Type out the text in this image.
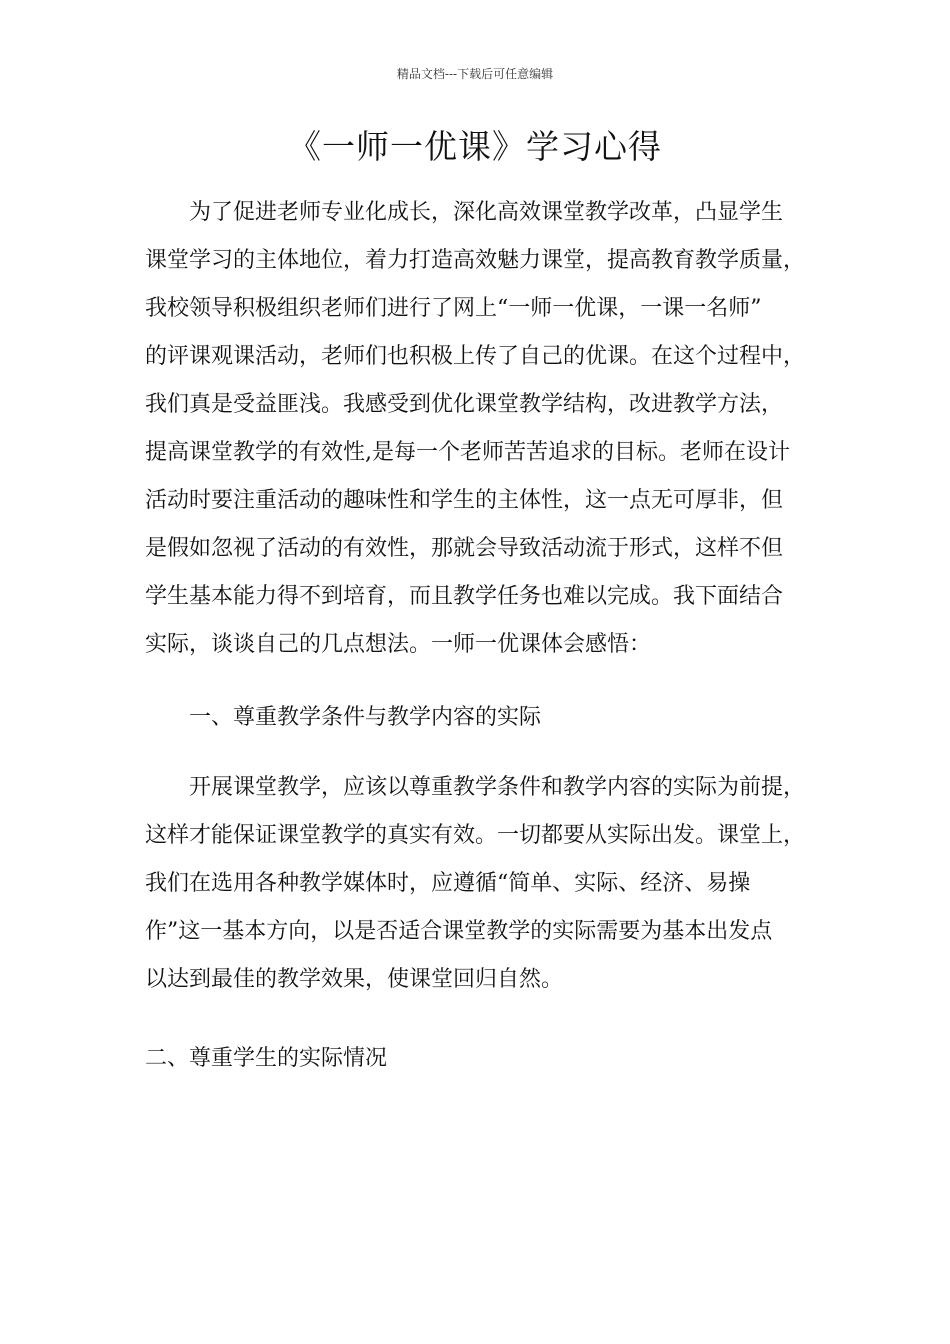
精品文档---下载后可任意编辑
《一师一优课》学习心得

为了促进老师专业化成长，深化高效课堂教学改革，凸显学生

课堂学习的主体地位，着力打造高效魅力课堂，提高教育教学质量，

我校领导积极组织老师们进行了网上“一师一优课，一课一名师”

的评课观课活动，老师们也积极上传了自己的优课。在这个过程中，

我们真是受益匪浅。我感受到优化课堂教学结构，改进教学方法，

提高课堂教学的有效性,是每一个老师苦苦追求的目标。老师在设计

活动时要注重活动的趣味性和学生的主体性，这一点无可厚非，但

是假如忽视了活动的有效性，那就会导致活动流于形式，这样不但

学生基本能力得不到培育，而且教学任务也难以完成。我下面结合

实际，谈谈自己的几点想法。一师一优课体会感悟：

一、尊重教学条件与教学内容的实际

开展课堂教学，应该以尊重教学条件和教学内容的实际为前提，

这样才能保证课堂教学的真实有效。一切都要从实际出发。课堂上，

我们在选用各种教学媒体时，应遵循“简单、实际、经济、易操

作”这一基本方向，以是否适合课堂教学的实际需要为基本出发点

以达到最佳的教学效果，使课堂回归自然。

二、尊重学生的实际情况
